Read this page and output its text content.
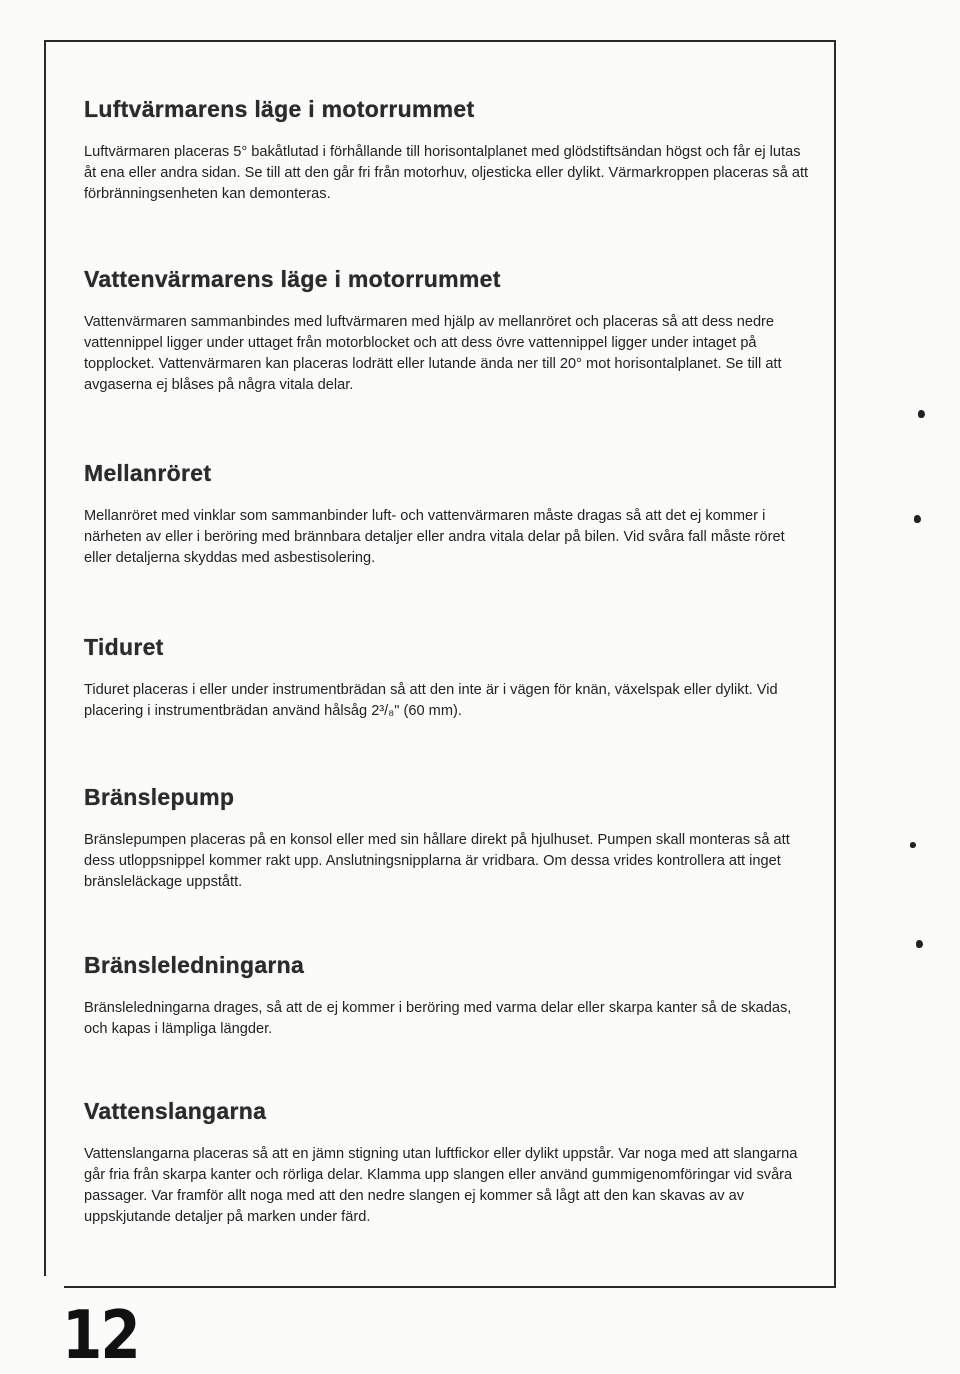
Luftvärmarens läge i motorrummet

Luftvärmaren placeras 5° bakåtlutad i förhållande till horisontalplanet med glödstiftsändan högst och får ej lutas åt ena eller andra sidan. Se till att den går fri från motorhuv, oljesticka eller dylikt. Värmarkroppen placeras så att förbränningsenheten kan demonteras.

Vattenvärmarens läge i motorrummet

Vattenvärmaren sammanbindes med luftvärmaren med hjälp av mellanröret och placeras så att dess nedre vattennippel ligger under uttaget från motorblocket och att dess övre vattennippel ligger under intaget på topplocket. Vattenvärmaren kan placeras lodrätt eller lutande ända ner till 20° mot horisontalplanet. Se till att avgaserna ej blåses på några vitala delar.

Mellanröret

Mellanröret med vinklar som sammanbinder luft- och vattenvärmaren måste dragas så att det ej kommer i närheten av eller i beröring med brännbara detaljer eller andra vitala delar på bilen. Vid svåra fall måste röret eller detaljerna skyddas med asbestisolering.

Tiduret

Tiduret placeras i eller under instrumentbrädan så att den inte är i vägen för knän, växelspak eller dylikt. Vid placering i instrumentbrädan använd hålsåg 2³/₈" (60 mm).

Bränslepump

Bränslepumpen placeras på en konsol eller med sin hållare direkt på hjulhuset. Pumpen skall monteras så att dess utloppsnippel kommer rakt upp. Anslutningsnipplarna är vridbara. Om dessa vrides kontrollera att inget bränsleläckage uppstått.

Bränsleledningarna

Bränsleledningarna drages, så att de ej kommer i beröring med varma delar eller skarpa kanter så de skadas, och kapas i lämpliga längder.

Vattenslangarna

Vattenslangarna placeras så att en jämn stigning utan luftfickor eller dylikt uppstår. Var noga med att slangarna går fria från skarpa kanter och rörliga delar. Klamma upp slangen eller använd gummigenomföringar vid svåra passager. Var framför allt noga med att den nedre slangen ej kommer så lågt att den kan skavas av av uppskjutande detaljer på marken under färd.

12
